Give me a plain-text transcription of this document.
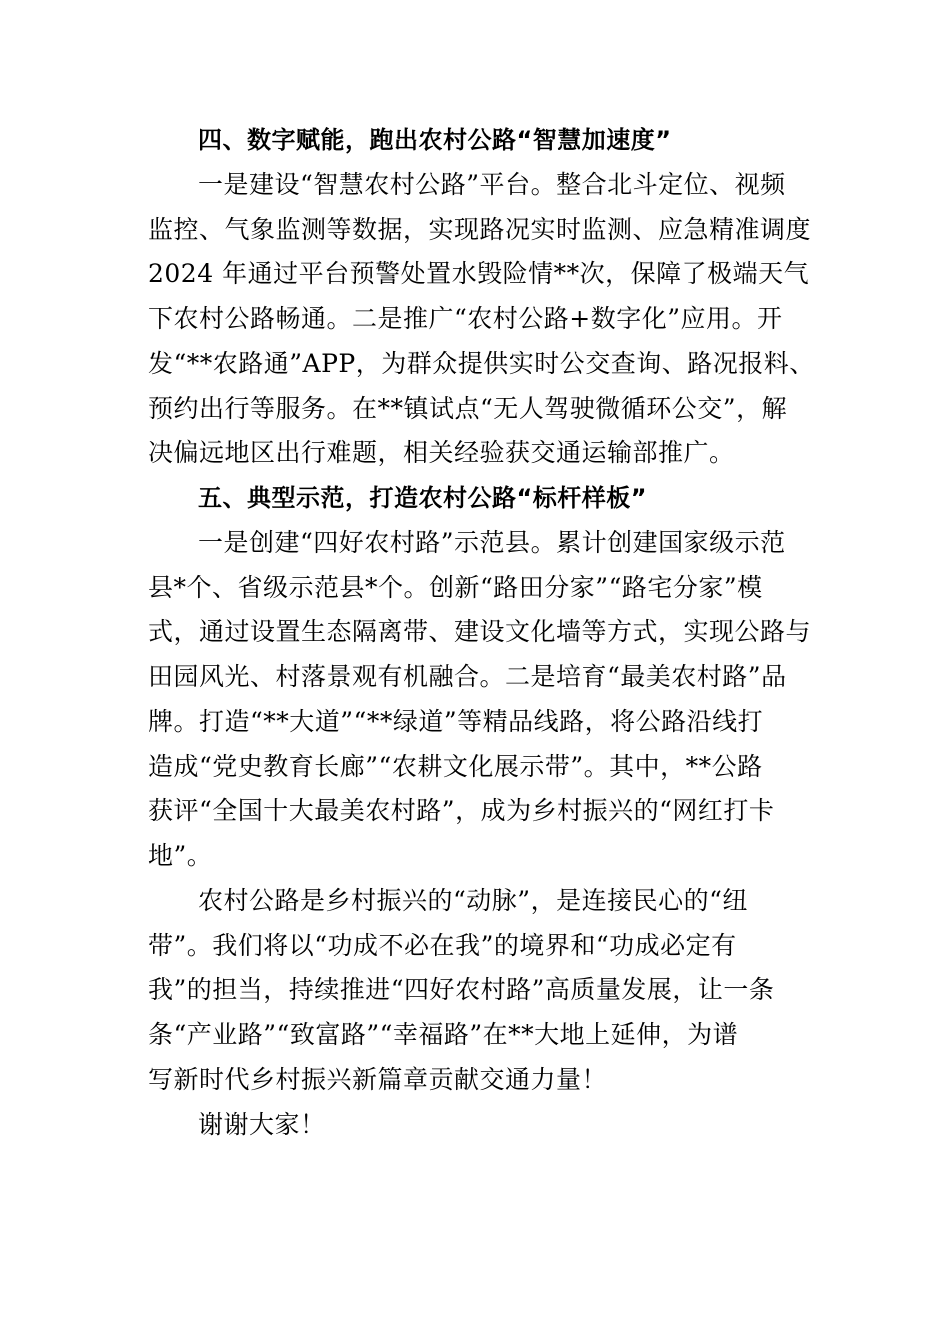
四、数字赋能，跑出农村公路“智慧加速度”
一是建设“智慧农村公路”平台。整合北斗定位、视频
监控、气象监测等数据，实现路况实时监测、应急精准调度
2024 年通过平台预警处置水毁险情**次，保障了极端天气
下农村公路畅通。二是推广“农村公路+数字化”应用。开
发“**农路通”APP，为群众提供实时公交查询、路况报料、
预约出行等服务。在**镇试点“无人驾驶微循环公交”，解
决偏远地区出行难题，相关经验获交通运输部推广。
五、典型示范，打造农村公路“标杆样板”
一是创建“四好农村路”示范县。累计创建国家级示范
县*个、省级示范县*个。创新“路田分家”“路宅分家”模
式，通过设置生态隔离带、建设文化墙等方式，实现公路与
田园风光、村落景观有机融合。二是培育“最美农村路”品
牌。打造“**大道”“**绿道”等精品线路，将公路沿线打
造成“党史教育长廊”“农耕文化展示带”。其中，**公路
获评“全国十大最美农村路”，成为乡村振兴的“网红打卡
地”。
农村公路是乡村振兴的“动脉”，是连接民心的“纽
带”。我们将以“功成不必在我”的境界和“功成必定有
我”的担当，持续推进“四好农村路”高质量发展，让一条
条“产业路”“致富路”“幸福路”在**大地上延伸，为谱
写新时代乡村振兴新篇章贡献交通力量！
谢谢大家！
